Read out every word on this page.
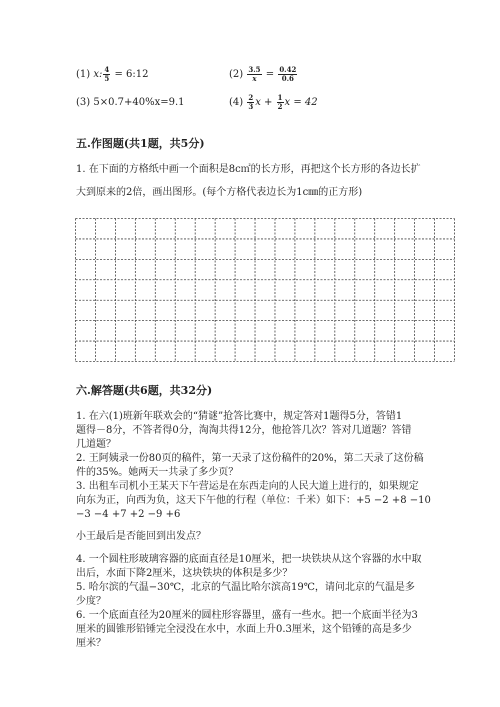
(1) x: $\frac{4}{5}$ = 6:12	$(2) \frac{3.5}{x} = \frac{0.42}{0.6}$
(3) 5×0.7+40%x=9.1	$(4) \frac{2}{3}$ $x + \frac{1}{2}$ x = 42
五.作图题(共1题，共5分)
1. 在下面的方格纸中画一个面积是8c㎡的长方形，再把这个长方形的各边长扩
大到原来的2倍，画出图形。(每个方格代表边长为1c㎜的正方形)
六.解答题(共6题，共32分)
1. 在六(1)班新年联欢会的“猜谜”抢答比赛中，规定答对1题得5分，答错1
题得－8分，不答者得0分，淘淘共得12分，他抢答几次？答对几道题？答错
几道题？
2. 王阿姨录一份80页的稿件，第一天录了这份稿件的20%，第二天录了这份稿
件的35%。她两天一共录了多少页？
3. 出租车司机小王某天下午营运是在东西走向的人民大道上进行的，如果规定
向东为正，向西为负，这天下午他的行程（单位：千米）如下：+5 −2 +8 −10
−3 −4 +7 +2 −9 +6
小王最后是否能回到出发点？
4. 一个圆柱形玻璃容器的底面直径是10厘米，把一块铁块从这个容器的水中取
出后，水面下降2厘米，这块铁块的体积是多少？
5. 哈尔滨的气温−30℃，北京的气温比哈尔滨高19℃，请问北京的气温是多
少度？
6. 一个底面直径为20厘米的圆柱形容器里，盛有一些水。把一个底面半径为3
厘米的圆锥形铅锤完全浸没在水中，水面上升0.3厘米，这个铅锤的高是多少
厘米？
